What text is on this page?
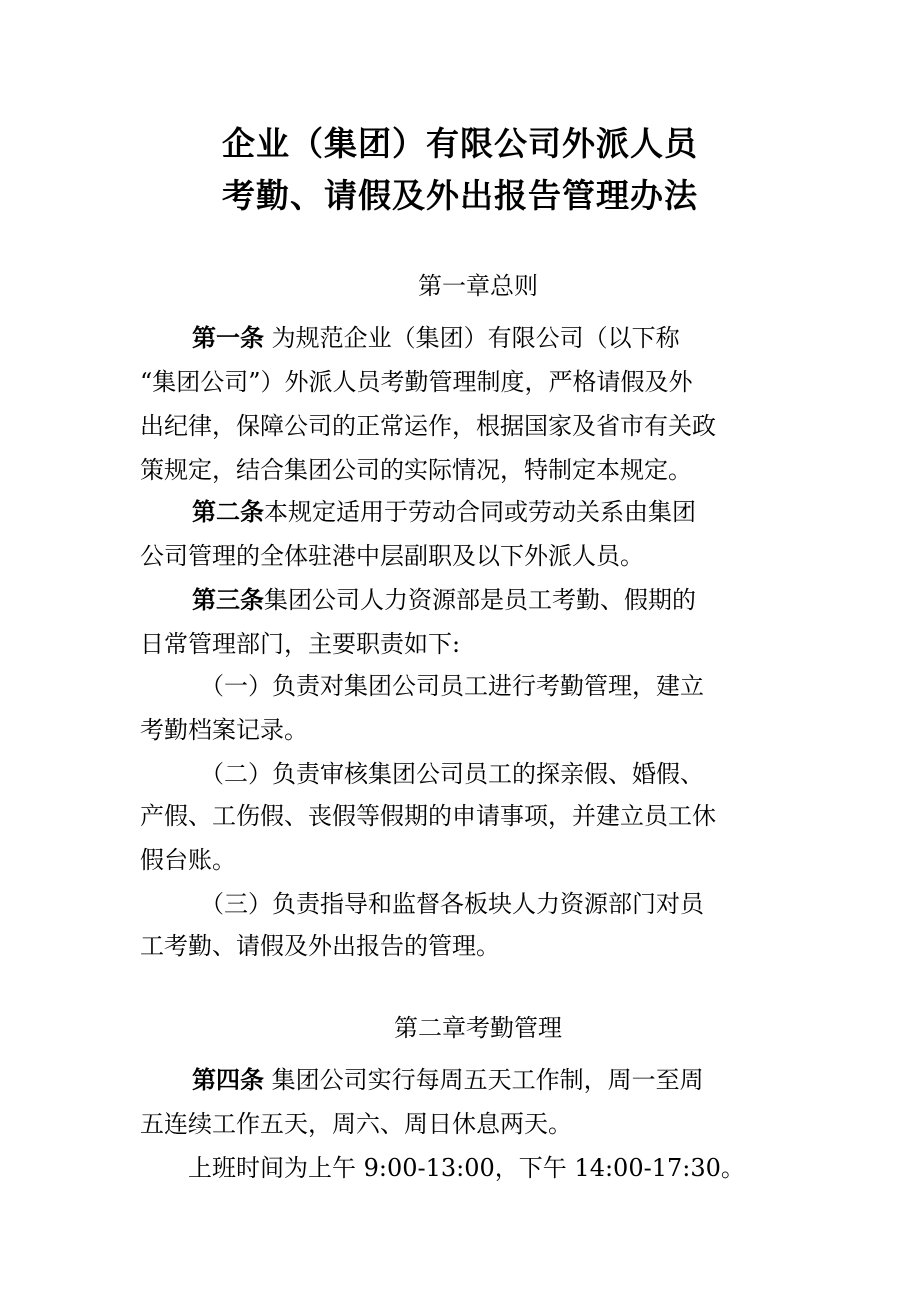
企业（集团）有限公司外派人员
考勤、请假及外出报告管理办法
第一章总则
第一条 为规范企业（集团）有限公司（以下称
“集团公司”）外派人员考勤管理制度，严格请假及外
出纪律，保障公司的正常运作，根据国家及省市有关政
策规定，结合集团公司的实际情况，特制定本规定。
第二条本规定适用于劳动合同或劳动关系由集团
公司管理的全体驻港中层副职及以下外派人员。
第三条集团公司人力资源部是员工考勤、假期的
日常管理部门，主要职责如下:
（一）负责对集团公司员工进行考勤管理，建立
考勤档案记录。
（二）负责审核集团公司员工的探亲假、婚假、
产假、工伤假、丧假等假期的申请事项，并建立员工休
假台账。
（三）负责指导和监督各板块人力资源部门对员
工考勤、请假及外出报告的管理。
第二章考勤管理
第四条 集团公司实行每周五天工作制，周一至周
五连续工作五天，周六、周日休息两天。
上班时间为上午 9:00-13:00，下午 14:00-17:30。
